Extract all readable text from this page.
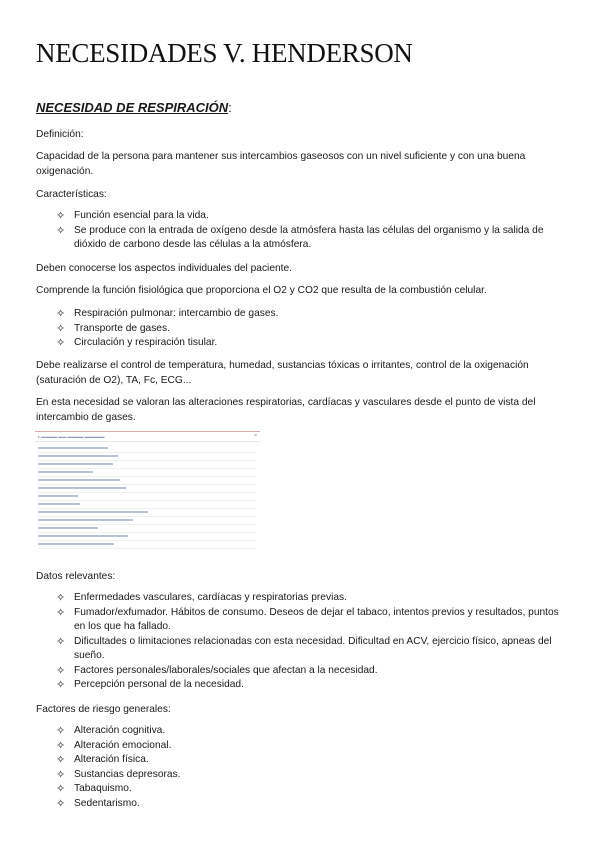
NECESIDADES V. HENDERSON
NECESIDAD DE RESPIRACIÓN:

Definición:

Capacidad de la persona para mantener sus intercambios gaseosos con un nivel suficiente y con una buena oxigenación.

Características:

✧ Función esencial para la vida.
✧ Se produce con la entrada de oxígeno desde la atmósfera hasta las células del organismo y la salida de dióxido de carbono desde las células a la atmósfera.

Deben conocerse los aspectos individuales del paciente.

Comprende la función fisiológica que proporciona el O2 y CO2 que resulta de la combustión celular.

✧ Respiración pulmonar: intercambio de gases.
✧ Transporte de gases.
✧ Circulación y respiración tisular.

Debe realizarse el control de temperatura, humedad, sustancias tóxicas o irritantes, control de la oxigenación (saturación de O2), TA, Fc, ECG...

En esta necesidad se valoran las alteraciones respiratorias, cardíacas y vasculares desde el punto de vista del intercambio de gases.

▸ ▬▬▬▬ ▬▬ ▬▬▬▬ ▬▬▬▬▬	×

Datos relevantes:

✧ Enfermedades vasculares, cardíacas y respiratorias previas.
✧ Fumador/exfumador. Hábitos de consumo. Deseos de dejar el tabaco, intentos previos y resultados, puntos en los que ha fallado.
✧ Dificultades o limitaciones relacionadas con esta necesidad. Dificultad en ACV, ejercicio físico, apneas del sueño.
✧ Factores personales/laborales/sociales que afectan a la necesidad.
✧ Percepción personal de la necesidad.

Factores de riesgo generales:

✧ Alteración cognitiva.
✧ Alteración emocional.
✧ Alteración física.
✧ Sustancias depresoras.
✧ Tabaquismo.
✧ Sedentarismo.
